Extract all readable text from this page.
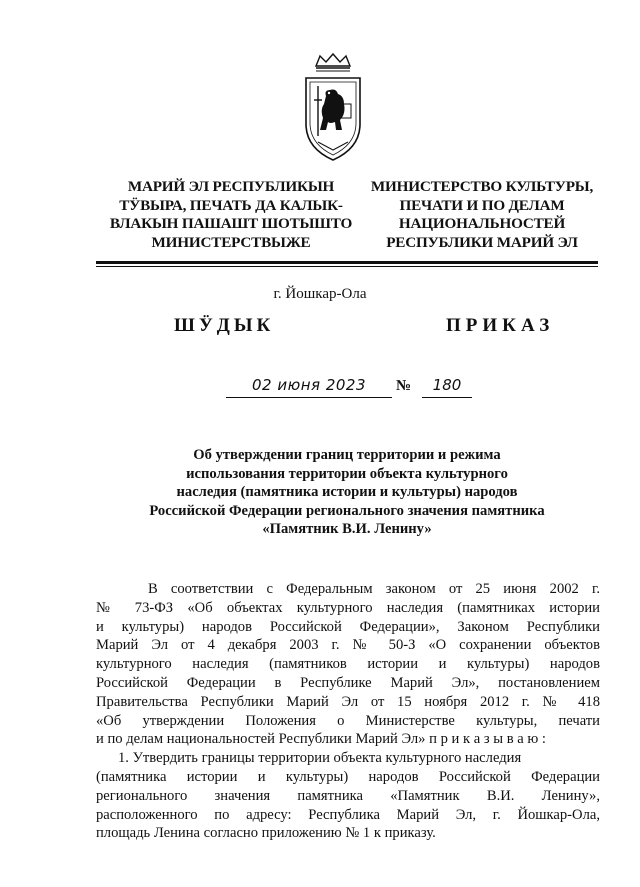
МАРИЙ ЭЛ РЕСПУБЛИКЫН
ТӰВЫРА, ПЕЧАТЬ ДА КАЛЫК-
ВЛАКЫН ПАШАШТ ШОТЫШТО
МИНИСТЕРСТВЫЖЕ
МИНИСТЕРСТВО КУЛЬТУРЫ,
ПЕЧАТИ И ПО ДЕЛАМ
НАЦИОНАЛЬНОСТЕЙ
РЕСПУБЛИКИ МАРИЙ ЭЛ
г. Йошкар-Ола
ШӰДЫК	ПРИКАЗ
02 июня 2023	№	180
Об утверждении границ территории и режима
использования территории объекта культурного
наследия (памятника истории и культуры) народов
Российской Федерации регионального значения памятника
«Памятник В.И. Ленину»
В соответствии с Федеральным законом от 25 июня 2002 г.
№ 73-ФЗ «Об объектах культурного наследия (памятниках истории
и культуры) народов Российской Федерации», Законом Республики
Марий Эл от 4 декабря 2003 г. № 50-З «О сохранении объектов
культурного наследия (памятников истории и культуры) народов
Российской Федерации в Республике Марий Эл», постановлением
Правительства Республики Марий Эл от 15 ноября 2012 г. № 418
«Об утверждении Положения о Министерстве культуры, печати
и по делам национальностей Республики Марий Эл» п р и к а з ы в а ю :
1. Утвердить границы территории объекта культурного наследия
(памятника истории и культуры) народов Российской Федерации
регионального значения памятника «Памятник В.И. Ленину»,
расположенного по адресу: Республика Марий Эл, г. Йошкар-Ола,
площадь Ленина согласно приложению № 1 к приказу.
